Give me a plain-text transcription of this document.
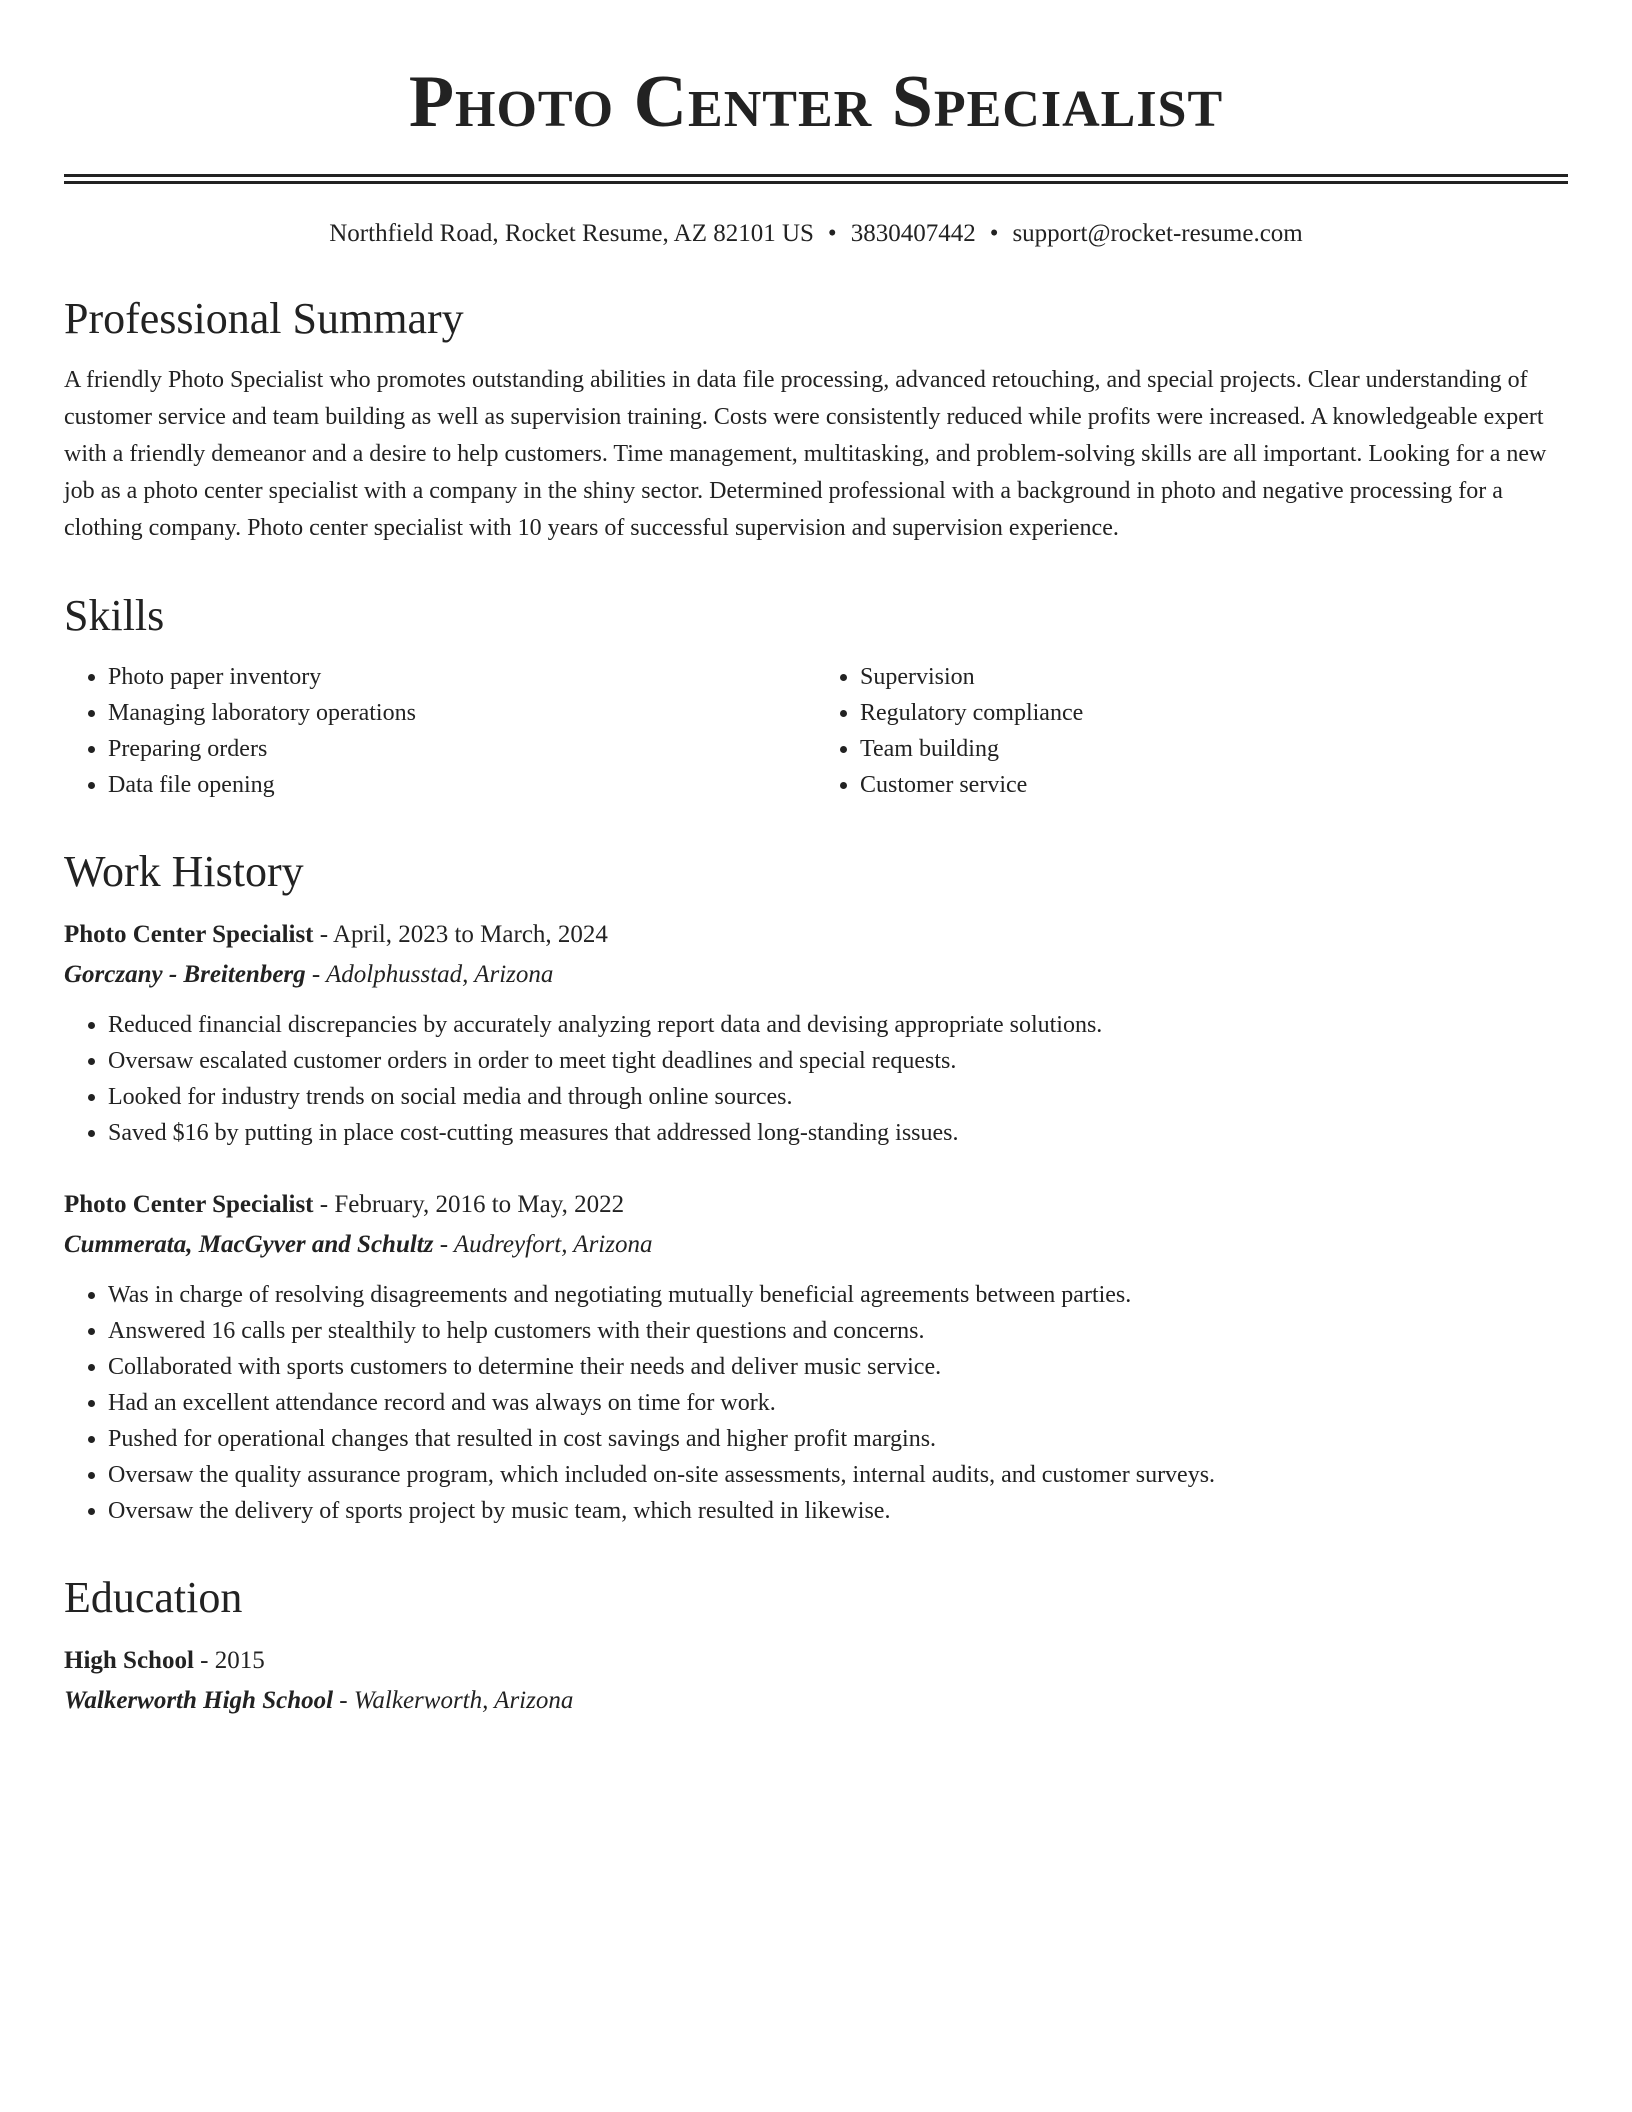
Photo Center Specialist
Northfield Road, Rocket Resume, AZ 82101 US • 3830407442 • support@rocket-resume.com
Professional Summary

A friendly Photo Specialist who promotes outstanding abilities in data file processing, advanced retouching, and special projects. Clear understanding of customer service and team building as well as supervision training. Costs were consistently reduced while profits were increased. A knowledgeable expert with a friendly demeanor and a desire to help customers. Time management, multitasking, and problem-solving skills are all important. Looking for a new job as a photo center specialist with a company in the shiny sector. Determined professional with a background in photo and negative processing for a clothing company. Photo center specialist with 10 years of successful supervision and supervision experience.

Skills
• Photo paper inventory
• Managing laboratory operations
• Preparing orders
• Data file opening
• Supervision
• Regulatory compliance
• Team building
• Customer service
Work History
Photo Center Specialist - April, 2023 to March, 2024
Gorczany - Breitenberg - Adolphusstad, Arizona
• Reduced financial discrepancies by accurately analyzing report data and devising appropriate solutions.
• Oversaw escalated customer orders in order to meet tight deadlines and special requests.
• Looked for industry trends on social media and through online sources.
• Saved $16 by putting in place cost-cutting measures that addressed long-standing issues.
Photo Center Specialist - February, 2016 to May, 2022
Cummerata, MacGyver and Schultz - Audreyfort, Arizona
• Was in charge of resolving disagreements and negotiating mutually beneficial agreements between parties.
• Answered 16 calls per stealthily to help customers with their questions and concerns.
• Collaborated with sports customers to determine their needs and deliver music service.
• Had an excellent attendance record and was always on time for work.
• Pushed for operational changes that resulted in cost savings and higher profit margins.
• Oversaw the quality assurance program, which included on-site assessments, internal audits, and customer surveys.
• Oversaw the delivery of sports project by music team, which resulted in likewise.
Education
High School - 2015
Walkerworth High School - Walkerworth, Arizona
